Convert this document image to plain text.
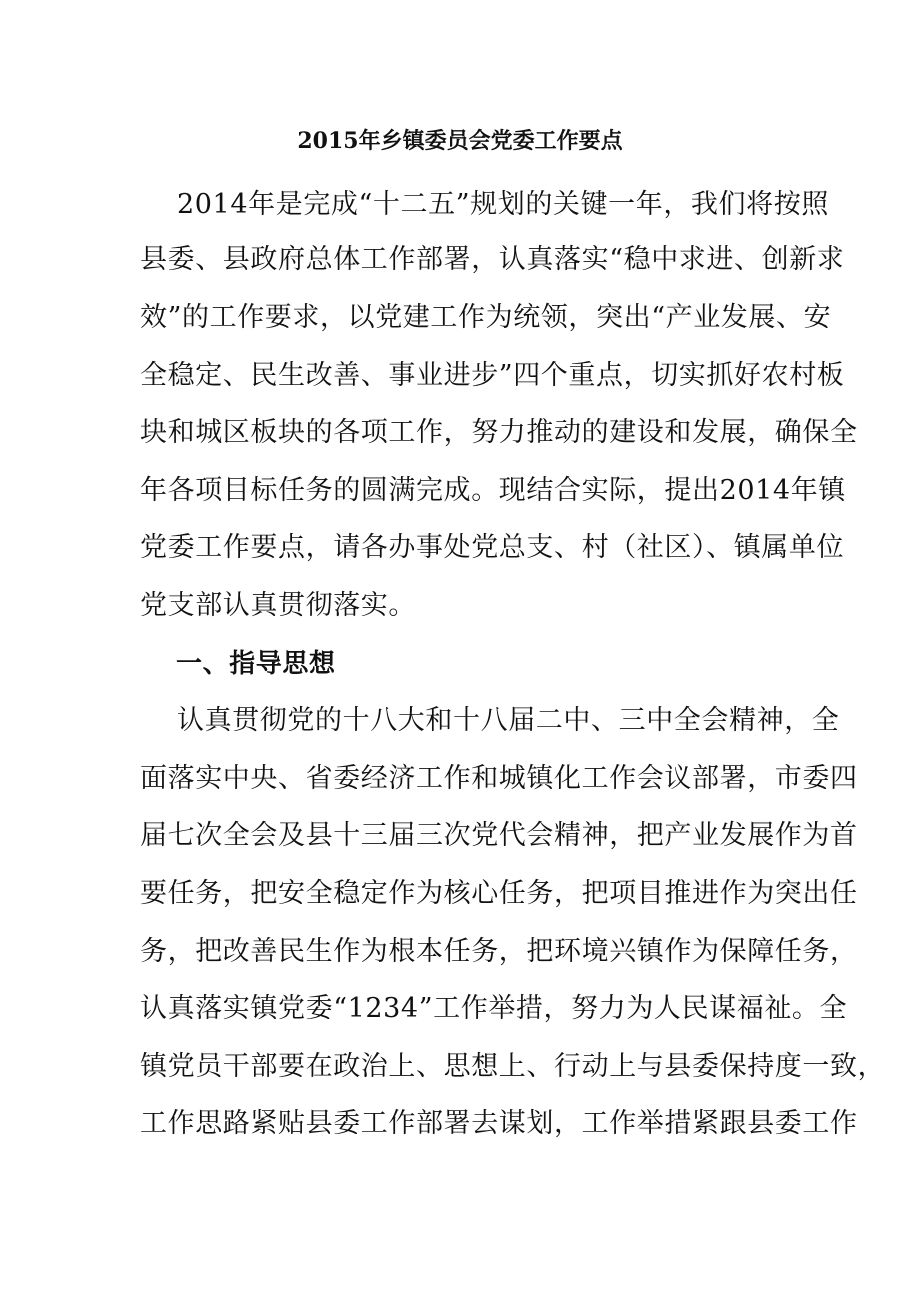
2015年乡镇委员会党委工作要点
2014年是完成“十二五”规划的关键一年，我们将按照
县委、县政府总体工作部署，认真落实“稳中求进、创新求
效”的工作要求，以党建工作为统领，突出“产业发展、安
全稳定、民生改善、事业进步”四个重点，切实抓好农村板
块和城区板块的各项工作，努力推动的建设和发展，确保全
年各项目标任务的圆满完成。现结合实际，提出2014年镇
党委工作要点，请各办事处党总支、村（社区）、镇属单位
党支部认真贯彻落实。
一、指导思想
认真贯彻党的十八大和十八届二中、三中全会精神，全
面落实中央、省委经济工作和城镇化工作会议部署，市委四
届七次全会及县十三届三次党代会精神，把产业发展作为首
要任务，把安全稳定作为核心任务，把项目推进作为突出任
务，把改善民生作为根本任务，把环境兴镇作为保障任务，
认真落实镇党委“1234”工作举措，努力为人民谋福祉。全
镇党员干部要在政治上、思想上、行动上与县委保持度一致，
工作思路紧贴县委工作部署去谋划，工作举措紧跟县委工作
